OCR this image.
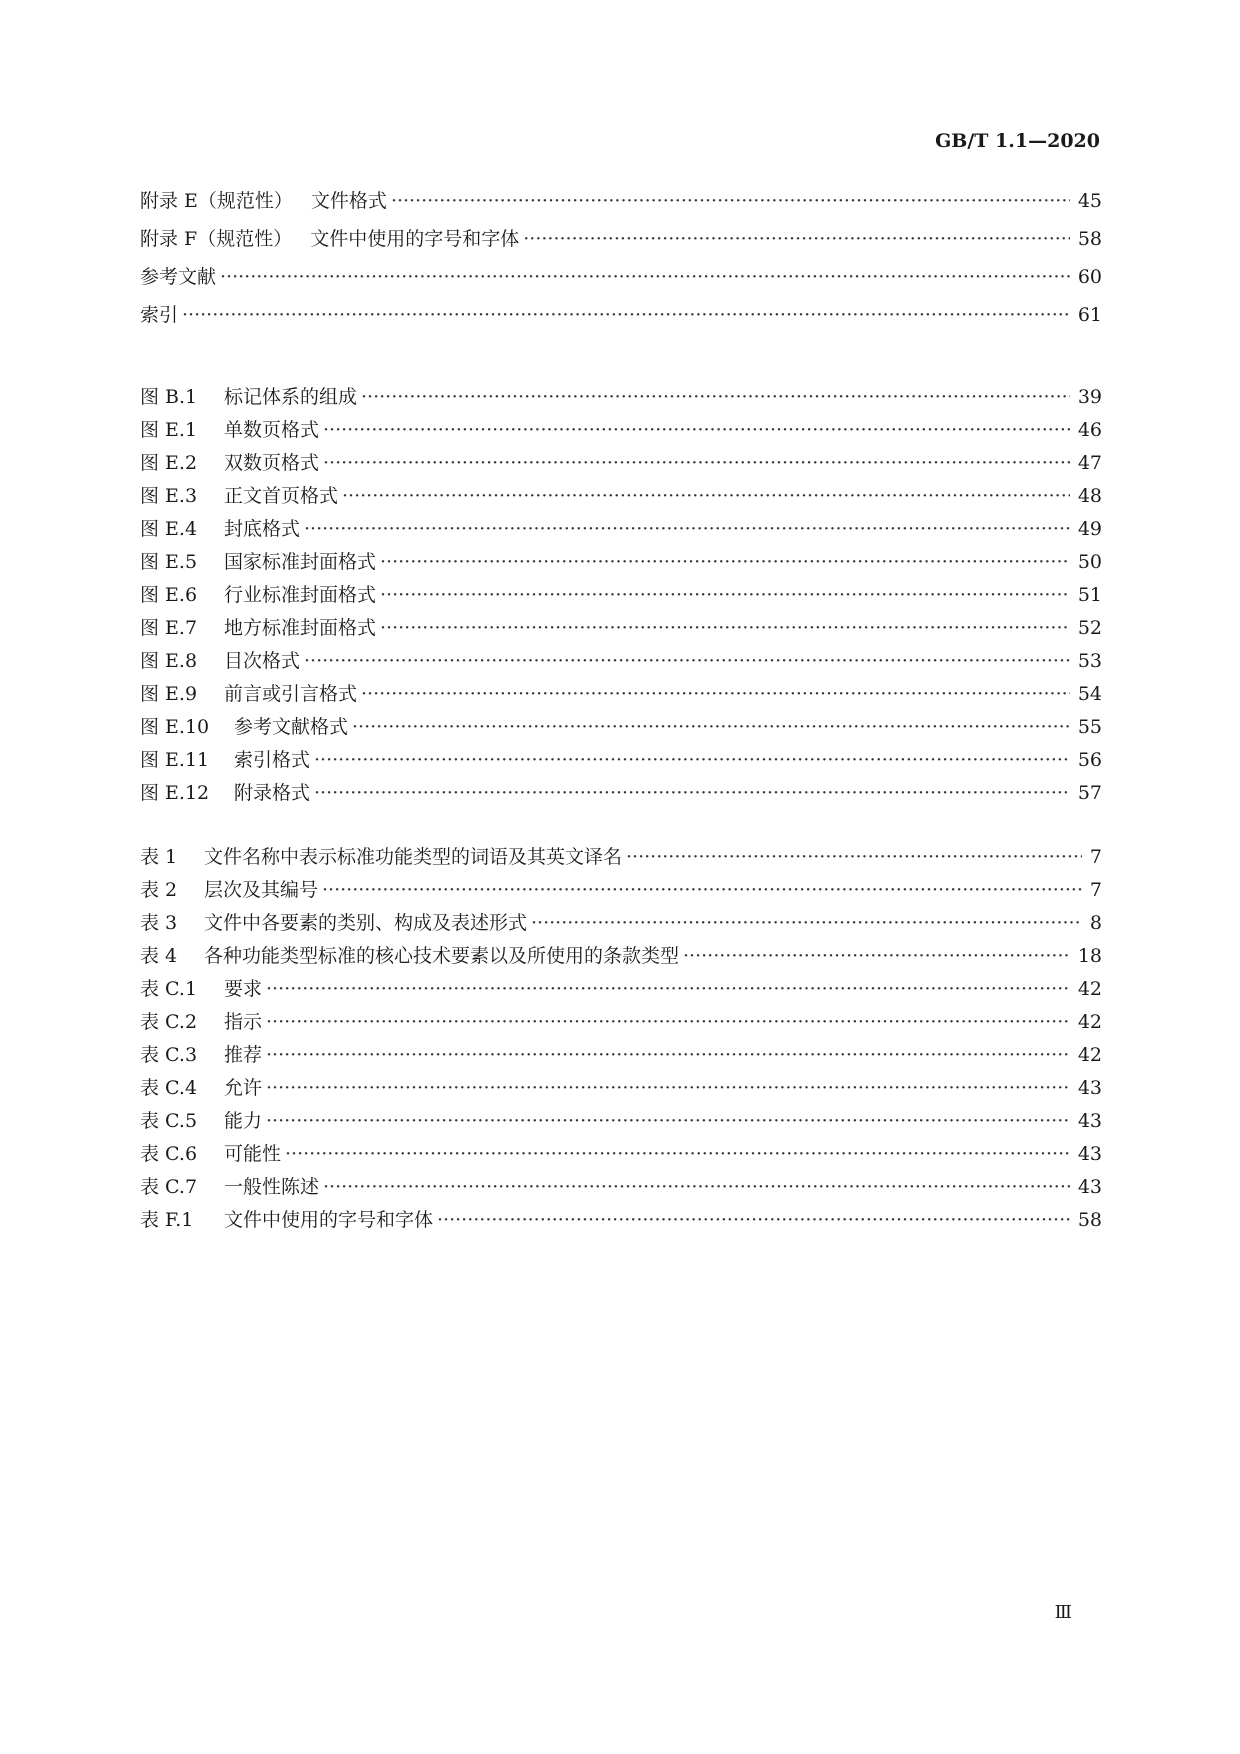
GB/T 1.1—2020
附录 E（规范性） 文件格式 ·····	45
附录 F（规范性） 文件中使用的字号和字体 ·····	58
参考文献 ·····	60
索引 ·····	61
图 B.1	标记体系的组成 ·····	39
图 E.1	单数页格式 ·····	46
图 E.2	双数页格式 ·····	47
图 E.3	正文首页格式 ·····	48
图 E.4	封底格式 ·····	49
图 E.5	国家标准封面格式 ·····	50
图 E.6	行业标准封面格式 ·····	51
图 E.7	地方标准封面格式 ·····	52
图 E.8	目次格式 ·····	53
图 E.9	前言或引言格式 ·····	54
图 E.10	参考文献格式 ·····	55
图 E.11	索引格式 ·····	56
图 E.12	附录格式 ·····	57
表 1	文件名称中表示标准功能类型的词语及其英文译名 ·····	7
表 2	层次及其编号 ·····	7
表 3	文件中各要素的类别、构成及表述形式 ·····	8
表 4	各种功能类型标准的核心技术要素以及所使用的条款类型 ·····	18
表 C.1	要求 ·····	42
表 C.2	指示 ·····	42
表 C.3	推荐 ·····	42
表 C.4	允许 ·····	43
表 C.5	能力 ·····	43
表 C.6	可能性 ·····	43
表 C.7	一般性陈述 ·····	43
表 F.1	文件中使用的字号和字体 ·····	58
Ⅲ
